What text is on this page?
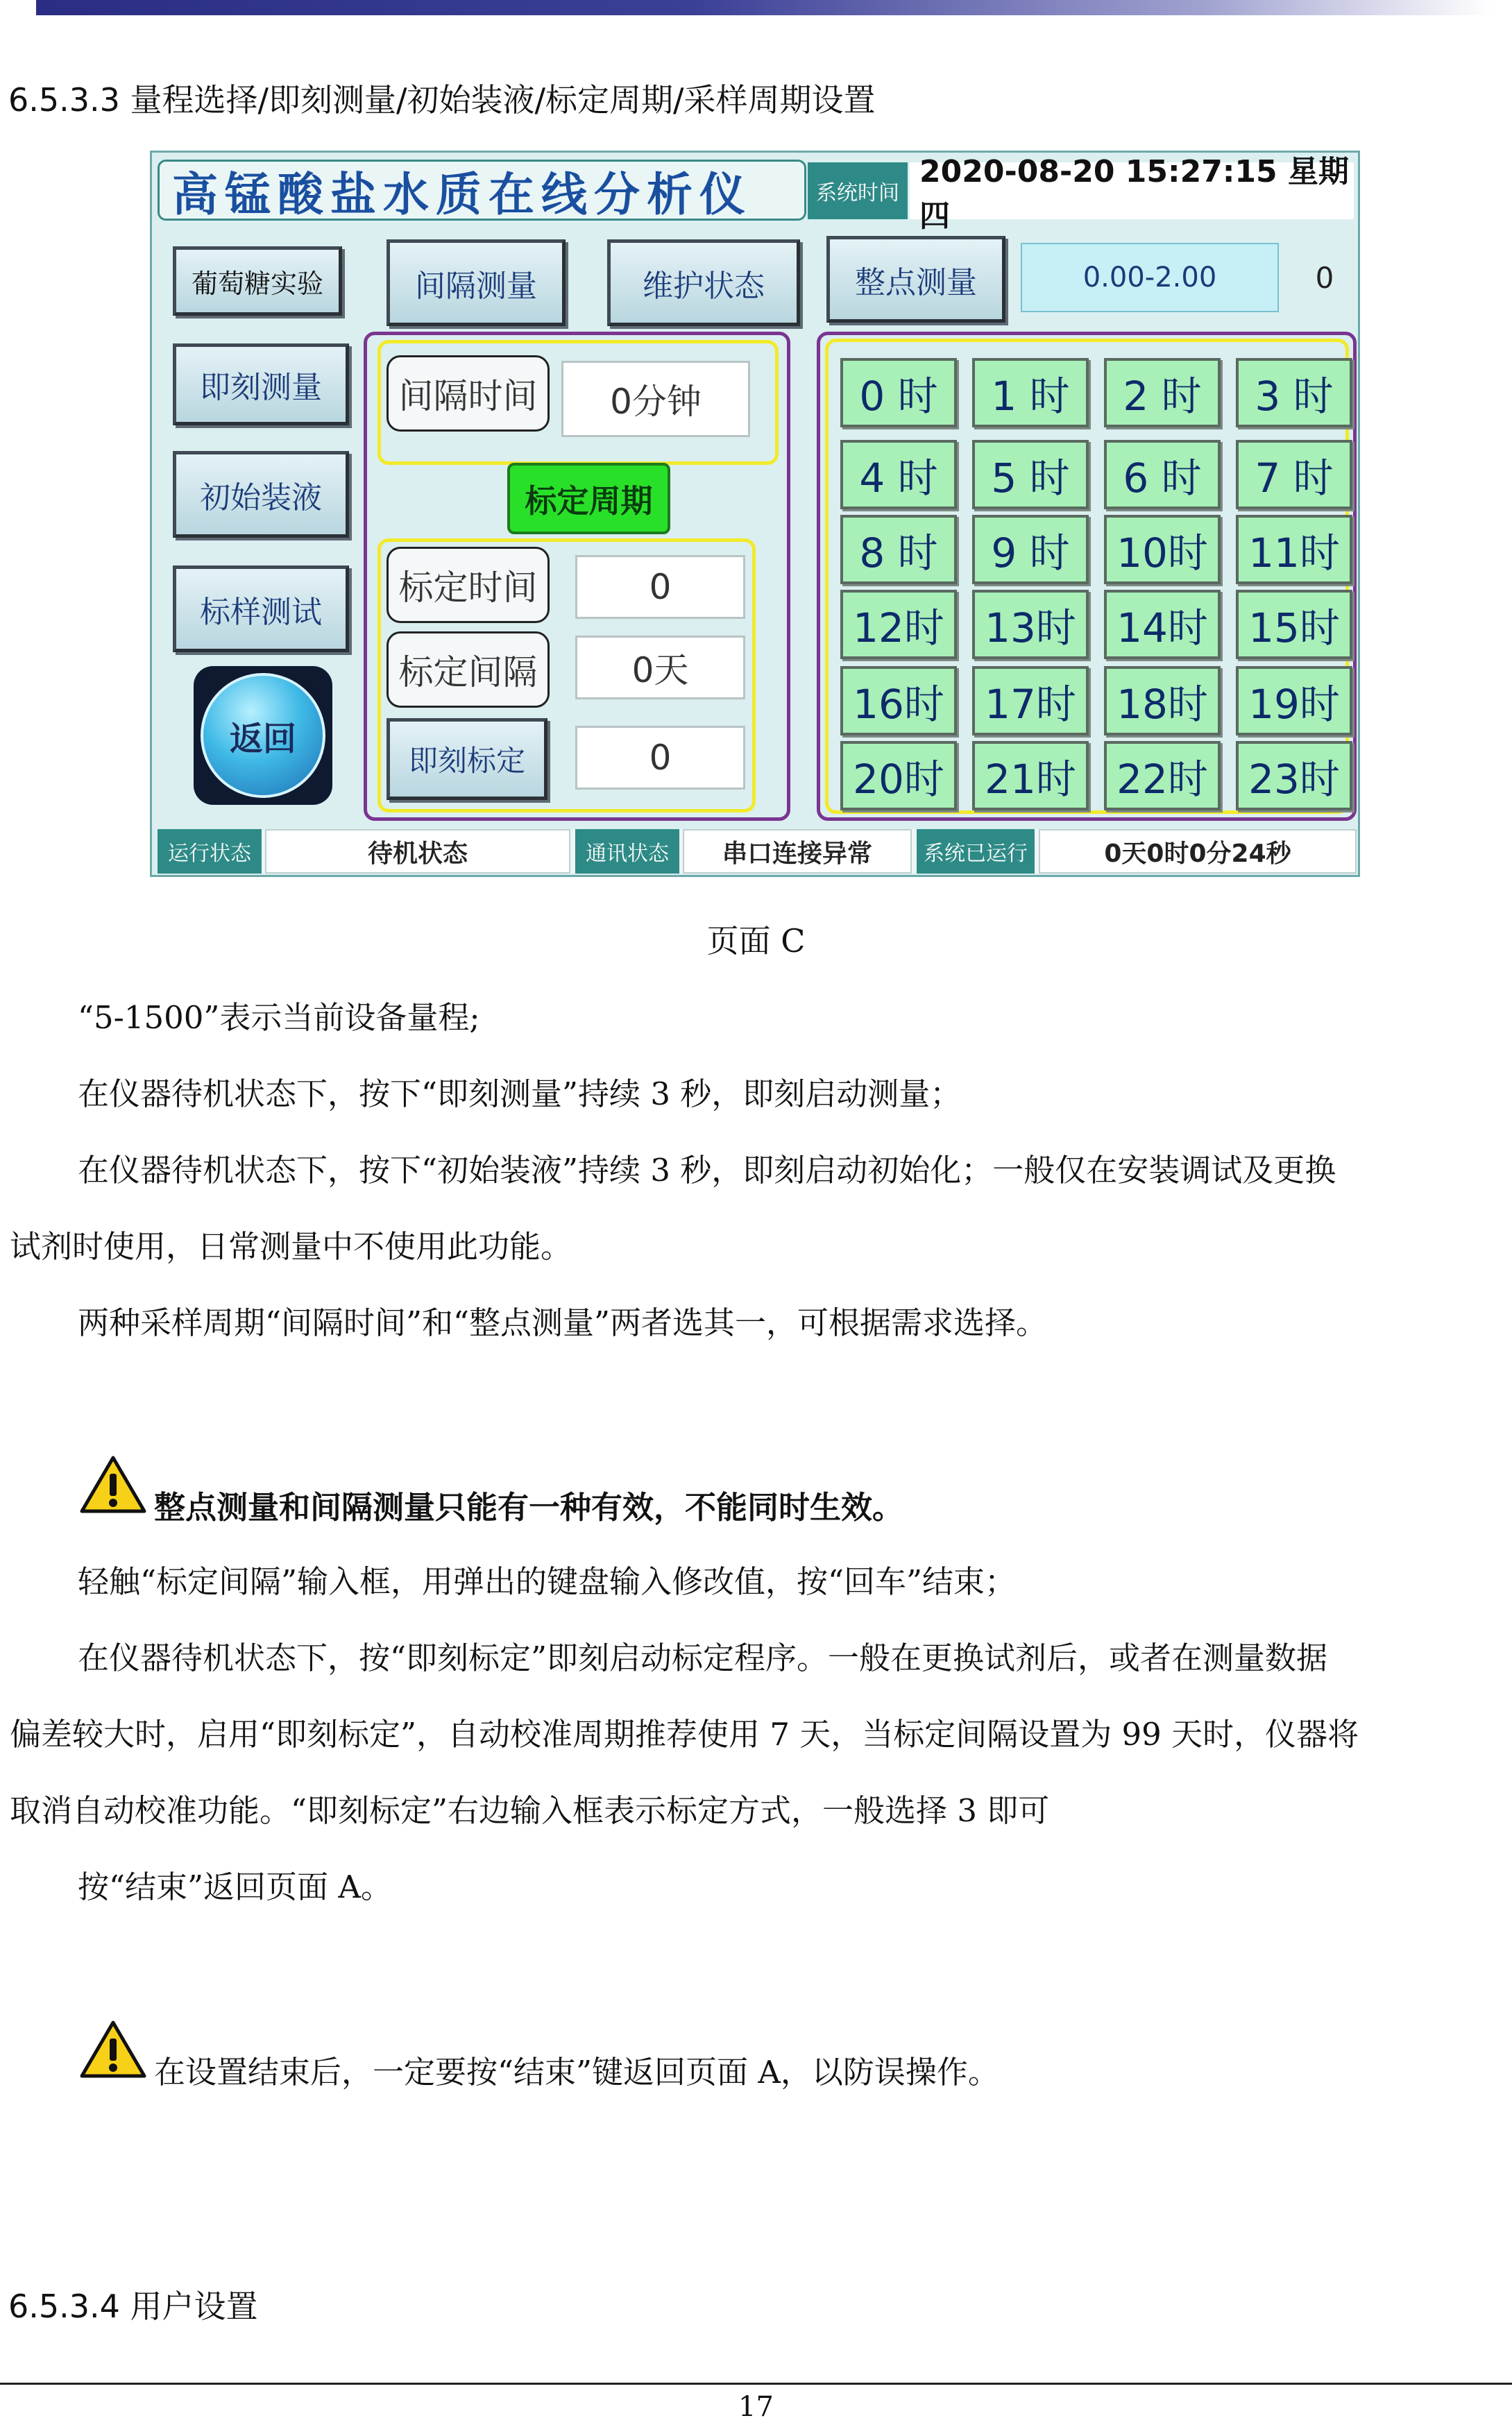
6.5.3.3 量程选择/即刻测量/初始装液/标定周期/采样周期设置
高锰酸盐水质在线分析仪	系统时间
2020-08-20 15:27:15 星期四
葡萄糖实验	间隔测量	维护状态	整点测量	0.00-2.00	0
即刻测量
初始装液
标样测试
返回
间隔时间	0分钟
标定周期
标定时间	0
标定间隔	0天
即刻标定	0
0 时	1 时	2 时	3 时
4 时	5 时	6 时	7 时
8 时	9 时	10时	11时
12时	13时	14时	15时
16时	17时	18时	19时
20时	21时	22时	23时
运行状态	待机状态	通讯状态	串口连接异常	系统已运行	0天0时0分24秒
页面 C
“5-1500”表示当前设备量程;
在仪器待机状态下，按下“即刻测量”持续 3 秒，即刻启动测量；
在仪器待机状态下，按下“初始装液”持续 3 秒，即刻启动初始化；一般仅在安装调试及更换
试剂时使用，日常测量中不使用此功能。
两种采样周期“间隔时间”和“整点测量”两者选其一，可根据需求选择。
整点测量和间隔测量只能有一种有效，不能同时生效。
轻触“标定间隔”输入框，用弹出的键盘输入修改值，按“回车”结束；
在仪器待机状态下，按“即刻标定”即刻启动标定程序。一般在更换试剂后，或者在测量数据
偏差较大时，启用“即刻标定”，自动校准周期推荐使用 7 天，当标定间隔设置为 99 天时，仪器将
取消自动校准功能。“即刻标定”右边输入框表示标定方式，一般选择 3 即可
按“结束”返回页面 A。
在设置结束后，一定要按“结束”键返回页面 A，以防误操作。
6.5.3.4 用户设置
17
